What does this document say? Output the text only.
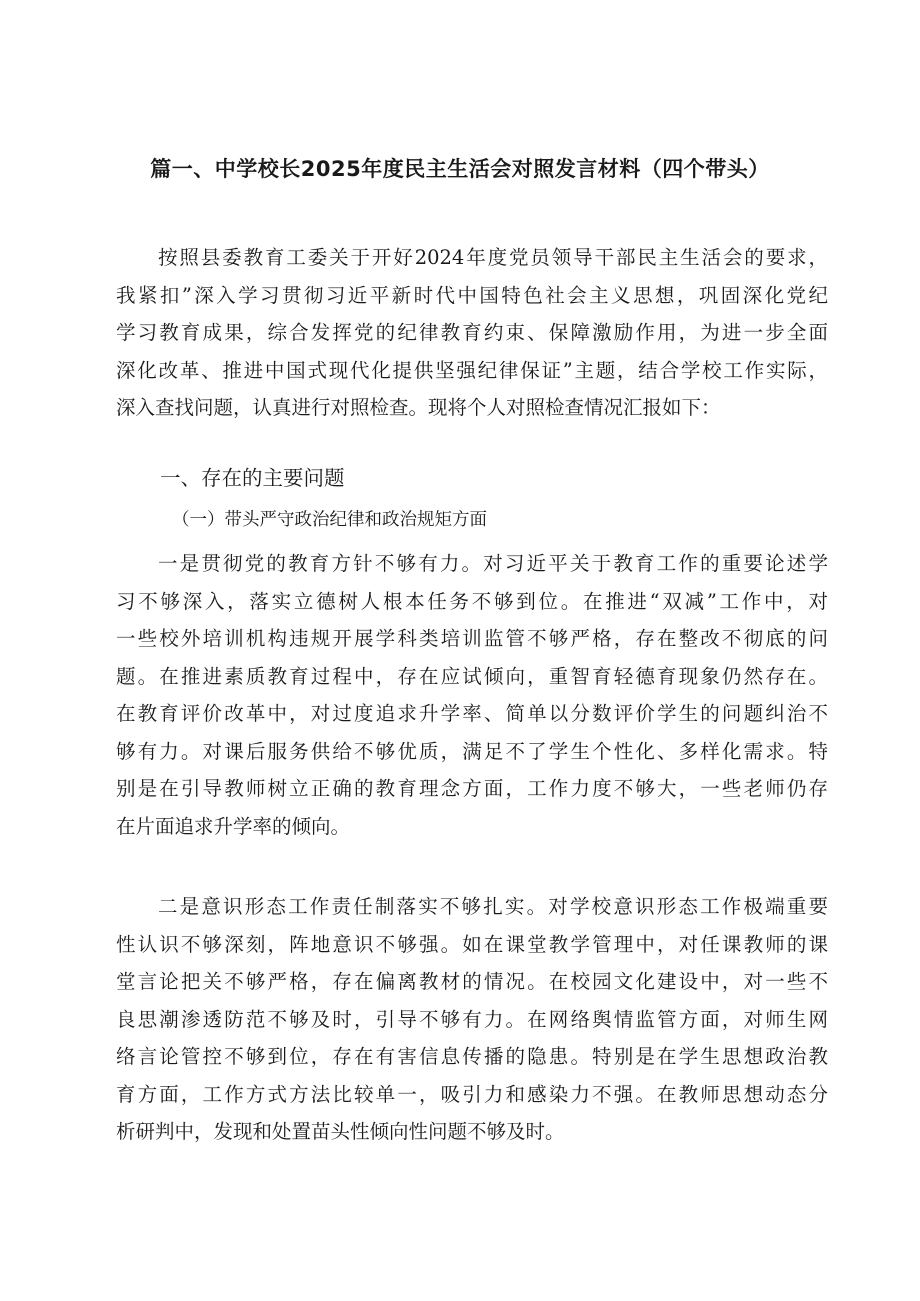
篇一、中学校长2025年度民主生活会对照发言材料（四个带头）
按照县委教育工委关于开好2024年度党员领导干部民主生活会的要求，
我紧扣”深入学习贯彻习近平新时代中国特色社会主义思想，巩固深化党纪
学习教育成果，综合发挥党的纪律教育约束、保障激励作用，为进一步全面
深化改革、推进中国式现代化提供坚强纪律保证”主题，结合学校工作实际，
深入查找问题，认真进行对照检查。现将个人对照检查情况汇报如下：
一、存在的主要问题
（一）带头严守政治纪律和政治规矩方面
一是贯彻党的教育方针不够有力。对习近平关于教育工作的重要论述学
习不够深入，落实立德树人根本任务不够到位。在推进“双减”工作中，对
一些校外培训机构违规开展学科类培训监管不够严格，存在整改不彻底的问
题。在推进素质教育过程中，存在应试倾向，重智育轻德育现象仍然存在。
在教育评价改革中，对过度追求升学率、简单以分数评价学生的问题纠治不
够有力。对课后服务供给不够优质，满足不了学生个性化、多样化需求。特
别是在引导教师树立正确的教育理念方面，工作力度不够大，一些老师仍存
在片面追求升学率的倾向。
二是意识形态工作责任制落实不够扎实。对学校意识形态工作极端重要
性认识不够深刻，阵地意识不够强。如在课堂教学管理中，对任课教师的课
堂言论把关不够严格，存在偏离教材的情况。在校园文化建设中，对一些不
良思潮渗透防范不够及时，引导不够有力。在网络舆情监管方面，对师生网
络言论管控不够到位，存在有害信息传播的隐患。特别是在学生思想政治教
育方面，工作方式方法比较单一，吸引力和感染力不强。在教师思想动态分
析研判中，发现和处置苗头性倾向性问题不够及时。
